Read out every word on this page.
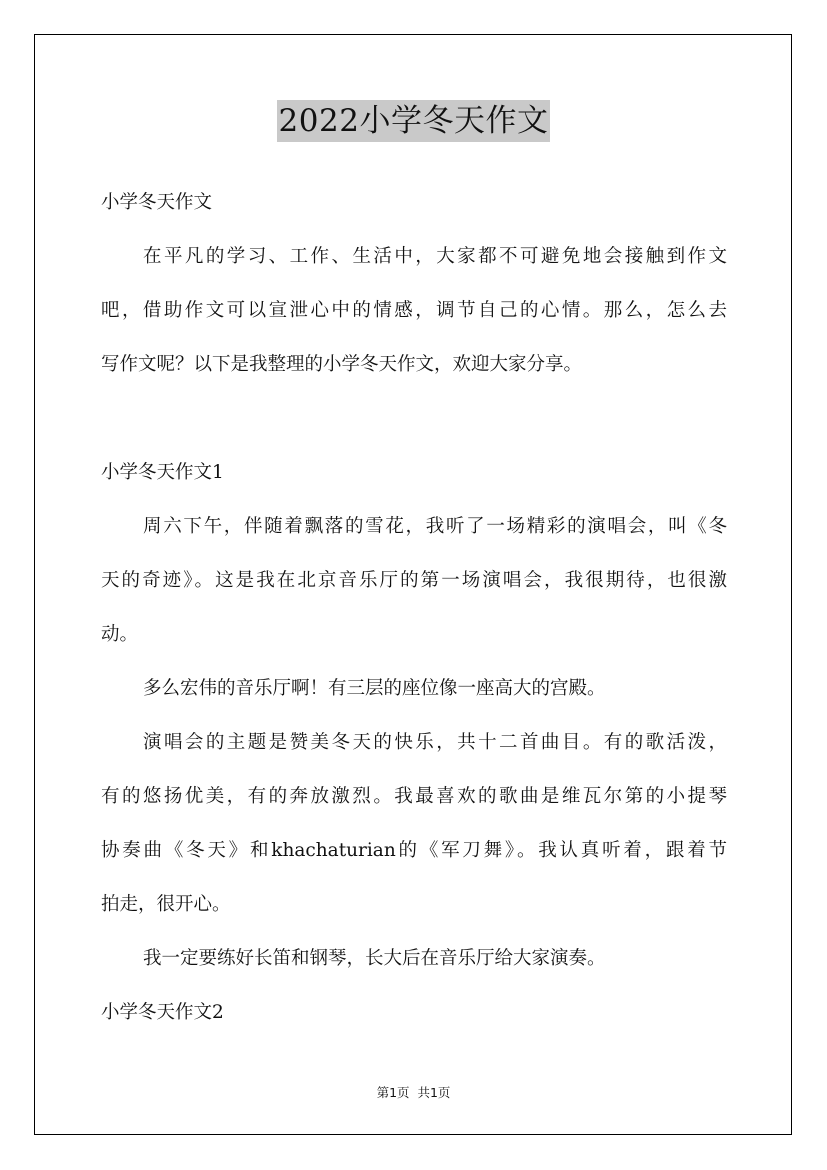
2022小学冬天作文
小学冬天作文
在平凡的学习、工作、生活中，大家都不可避免地会接触到作文
吧，借助作文可以宣泄心中的情感，调节自己的心情。那么，怎么去
写作文呢？以下是我整理的小学冬天作文，欢迎大家分享。
小学冬天作文1
周六下午，伴随着飘落的雪花，我听了一场精彩的演唱会，叫《冬
天的奇迹》。这是我在北京音乐厅的第一场演唱会，我很期待，也很激
动。
多么宏伟的音乐厅啊！有三层的座位像一座高大的宫殿。
演唱会的主题是赞美冬天的快乐，共十二首曲目。有的歌活泼，
有的悠扬优美，有的奔放激烈。我最喜欢的歌曲是维瓦尔第的小提琴
协奏曲《冬天》和khachaturian的《军刀舞》。我认真听着，跟着节
拍走，很开心。
我一定要练好长笛和钢琴，长大后在音乐厅给大家演奏。
小学冬天作文2
第1页  共1页
